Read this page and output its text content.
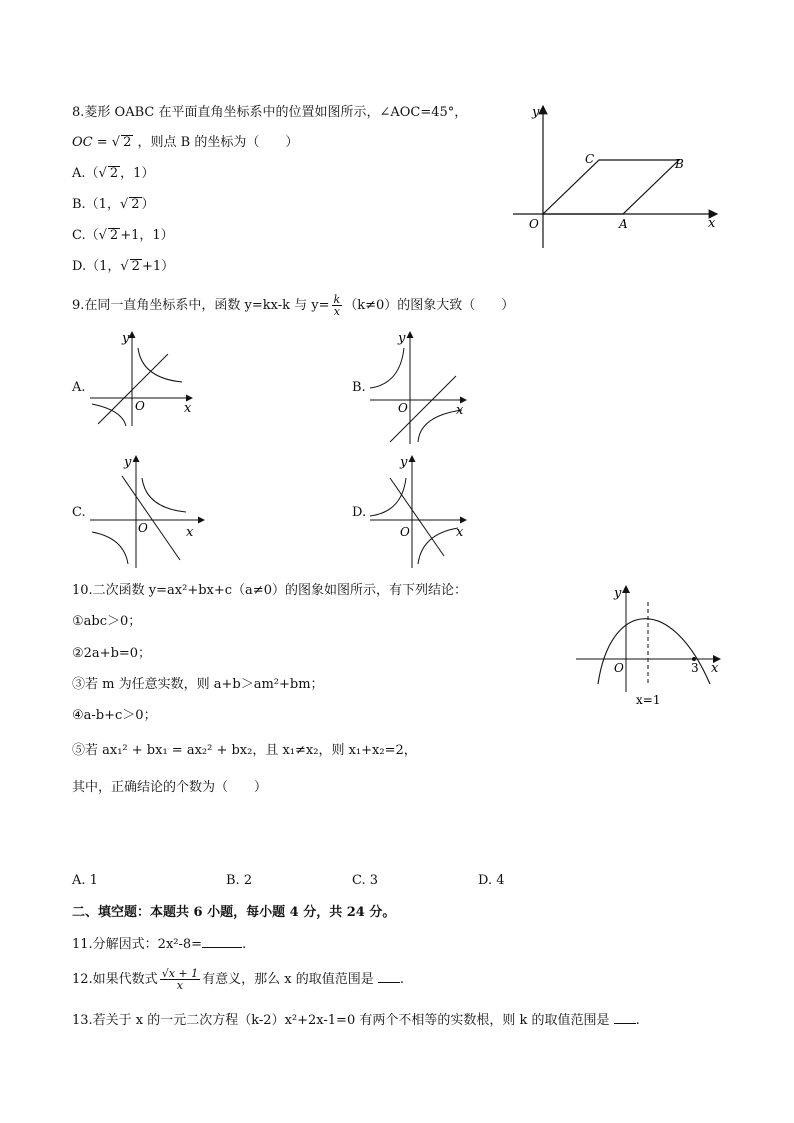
8.菱形 OABC 在平面直角坐标系中的位置如图所示，∠AOC=45°，
OC = √ 2 ，则点 B 的坐标为（　　）
A.（√ 2 ，1）
B.（1，√ 2 ）
C.（√ 2 +1，1）
D.（1，√ 2 +1）
y
x
O	A
B
C
9.在同一直角坐标系中，函数 y=kx-k 与 $y= \frac{k}{x} (k\ne 0)$的图象大致（　　）
A.	B.
C.	D.
y
x
O
y
x
O
y
x
O
y
x
O
10.二次函数 y=ax²+bx+c（a≠0）的图象如图所示，有下列结论：
①abc＞0；
②2a+b=0；
③若 m 为任意实数，则 a+b＞am²+bm；
④a-b+c＞0；
⑤若 ax₁² + bx₁ = ax₂² + bx₂，且 x₁≠x₂，则 x₁+x₂=2，
其中，正确结论的个数为（　　）
A. 1	B. 2	C. 3	D. 4
y
x
O	3
x=1
二、填空题：本题共 6 小题，每小题 4 分，共 24 分。
11.分解因式：2x²-8=	.
12.如果代数式 $\frac{√x + 1}{x}$ 有意义，那么 x 的取值范围是 .
13.若关于 x 的一元二次方程（k-2）x²+2x-1=0 有两个不相等的实数根，则 k 的取值范围是 .
